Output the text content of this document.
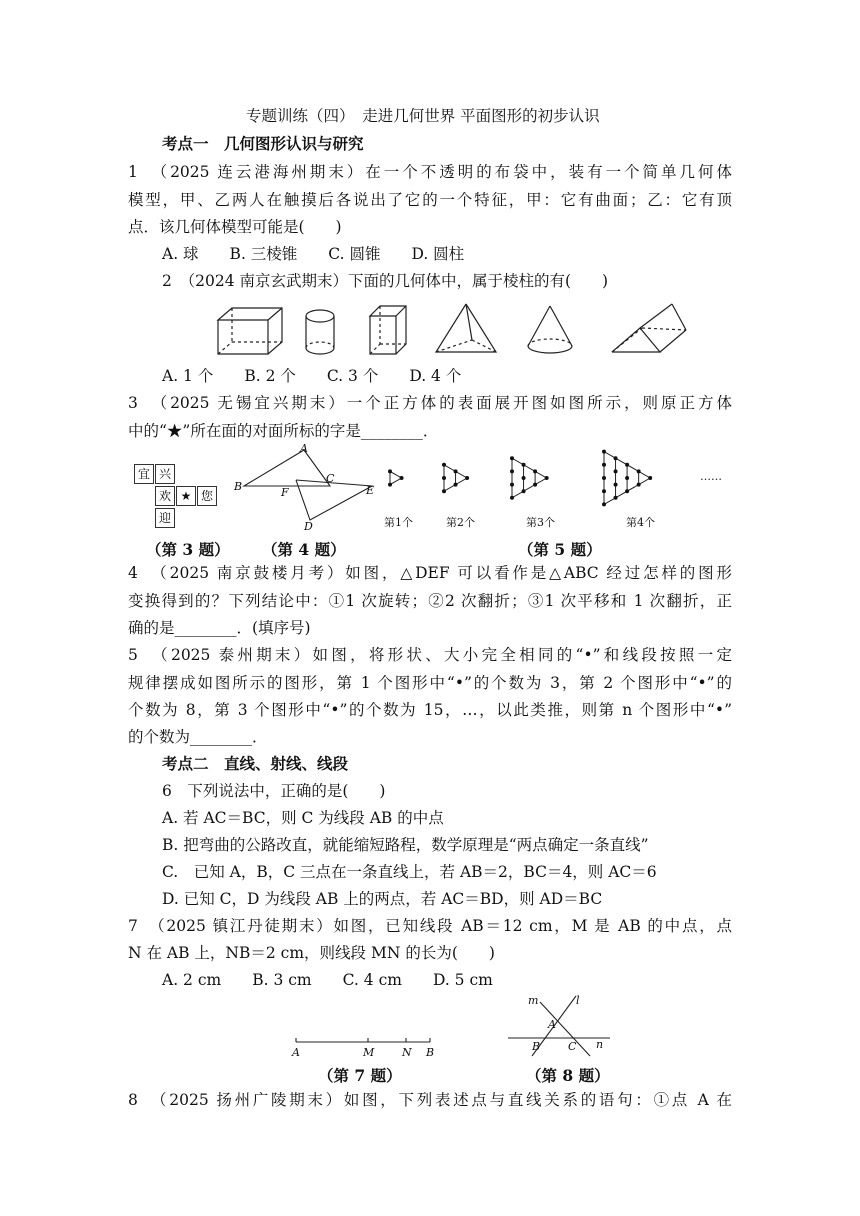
专题训练（四）　走进几何世界 平面图形的初步认识
考点一　几何图形认识与研究
1　（2025 连云港海州期末）在一个不透明的布袋中，装有一个简单几何体
模型，甲、乙两人在触摸后各说出了它的一个特征，甲：它有曲面；乙：它有顶
点．该几何体模型可能是(　　)
A. 球　　B. 三棱锥　　C. 圆锥　　D. 圆柱
2　（2024 南京玄武期末）下面的几何体中，属于棱柱的有(　　)
A. 1 个　　B. 2 个　　C. 3 个　　D. 4 个
3　（2025 无锡宜兴期末）一个正方体的表面展开图如图所示，则原正方体
中的“★”所在面的对面所标的字是________．
宜 兴
欢 ★ 您
迎
A
B
C
F	E
D	第1个	第2个	第3个	第4个
……
（第 3 题） （第 4 题）	（第 5 题）
4　（2025 南京鼓楼月考）如图，△DEF 可以看作是△ABC 经过怎样的图形
变换得到的？下列结论中：①1 次旋转；②2 次翻折；③1 次平移和 1 次翻折，正
确的是________．(填序号)
5　（2025 泰州期末）如图，将形状、大小完全相同的“•”和线段按照一定
规律摆成如图所示的图形，第 1 个图形中“•”的个数为 3，第 2 个图形中“•”的
个数为 8，第 3 个图形中“•”的个数为 15，…，以此类推，则第 n 个图形中“•”
的个数为________．
考点二　直线、射线、线段
6　下列说法中，正确的是(　　)
A. 若 AC＝BC，则 C 为线段 AB 的中点
B. 把弯曲的公路改直，就能缩短路程，数学原理是“两点确定一条直线”
C.　已知 A，B，C 三点在一条直线上，若 AB＝2，BC＝4，则 AC＝6
D. 已知 C，D 为线段 AB 上的两点，若 AC＝BD，则 AD＝BC
7　（2025 镇江丹徒期末）如图，已知线段 AB＝12 cm，M 是 AB 的中点，点
N 在 AB 上，NB＝2 cm，则线段 MN 的长为(　　)
A. 2 cm　　B. 3 cm　　C. 4 cm　　D. 5 cm
A	M	N B
m	l
A
B	C n
（第 7 题）	（第 8 题）
8　（2025 扬州广陵期末）如图，下列表述点与直线关系的语句：①点 A 在
